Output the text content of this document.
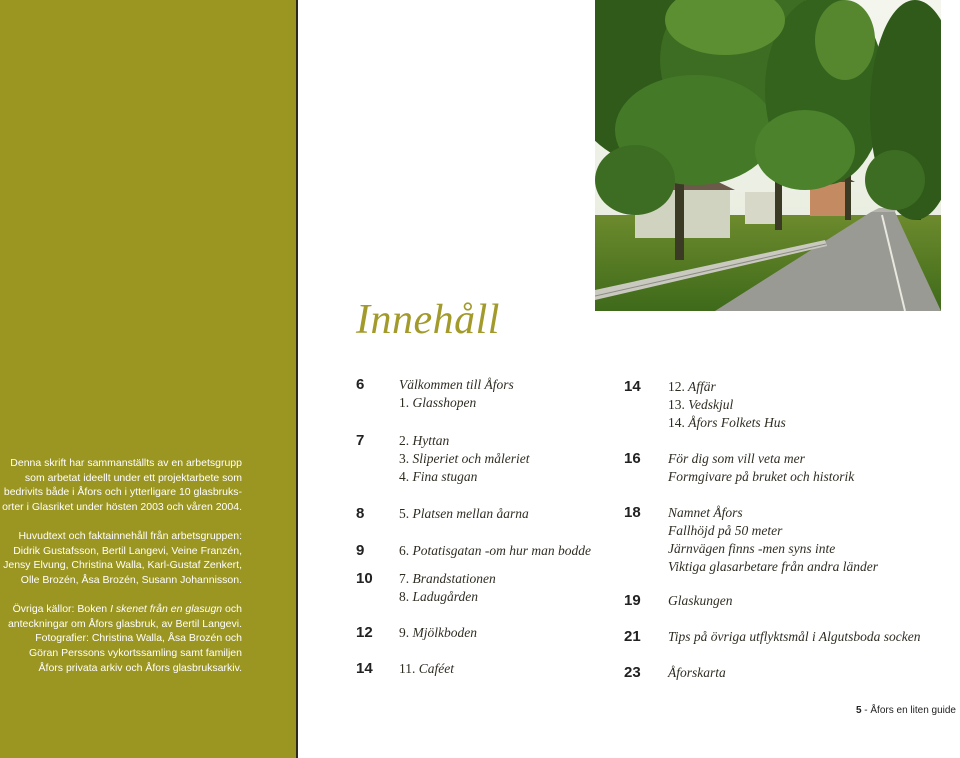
Denna skrift har sammanställts av en arbetsgrupp
som arbetat ideellt under ett projektarbete som
bedrivits både i Åfors och i ytterligare 10 glasbruks-
orter i Glasriket under hösten 2003 och våren 2004.

Huvudtext och faktainnehåll från arbetsgruppen:
Didrik Gustafsson, Bertil Langevi, Veine Franzén,
Jensy Elvung, Christina Walla, Karl-Gustaf Zenkert,
Olle Brozén, Åsa Brozén, Susann Johannisson.

Övriga källor: Boken I skenet från en glasugn och
anteckningar om Åfors glasbruk, av Bertil Langevi.
Fotografier: Christina Walla, Åsa Brozén och
Göran Perssons vykortssamling samt familjen
Åfors privata arkiv och Åfors glasbruksarkiv.

Innehåll
6	Välkommen till Åfors
1. Glasshopen
7	2. Hyttan
3. Sliperiet och måleriet
4. Fina stugan
8	5. Platsen mellan åarna
9	6. Potatisgatan -om hur man bodde
10 7. Brandstationen
8. Ladugården
12 9. Mjölkboden
14 11. Caféet
14 12. Affär
13. Vedskjul
14. Åfors Folkets Hus
16 För dig som vill veta mer
Formgivare på bruket och historik
18 Namnet Åfors
Fallhöjd på 50 meter
Järnvägen finns -men syns inte
Viktiga glasarbetare från andra länder
19 Glaskungen
21 Tips på övriga utflyktsmål i Algutsboda socken
23 Åforskarta
5 - Åfors en liten guide
